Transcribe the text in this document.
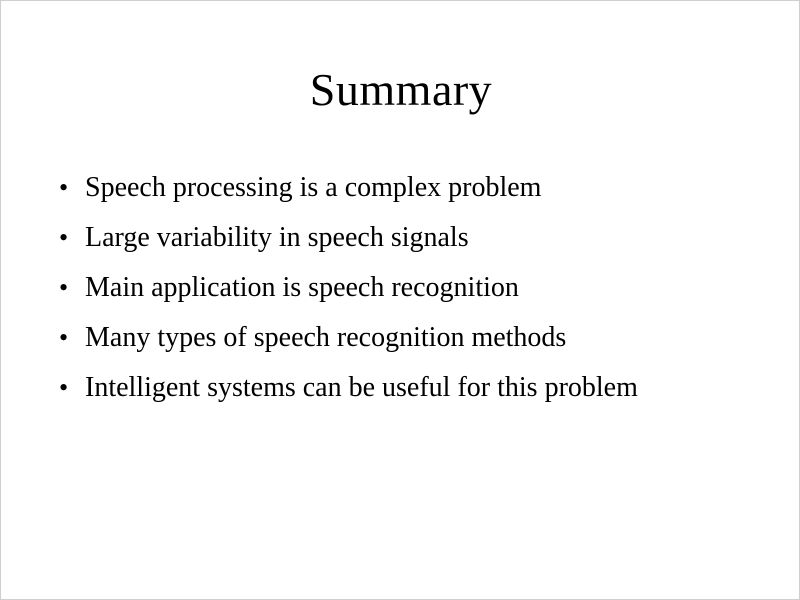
Summary
• Speech processing is a complex problem
• Large variability in speech signals
• Main application is speech recognition
• Many types of speech recognition methods
• Intelligent systems can be useful for this problem
